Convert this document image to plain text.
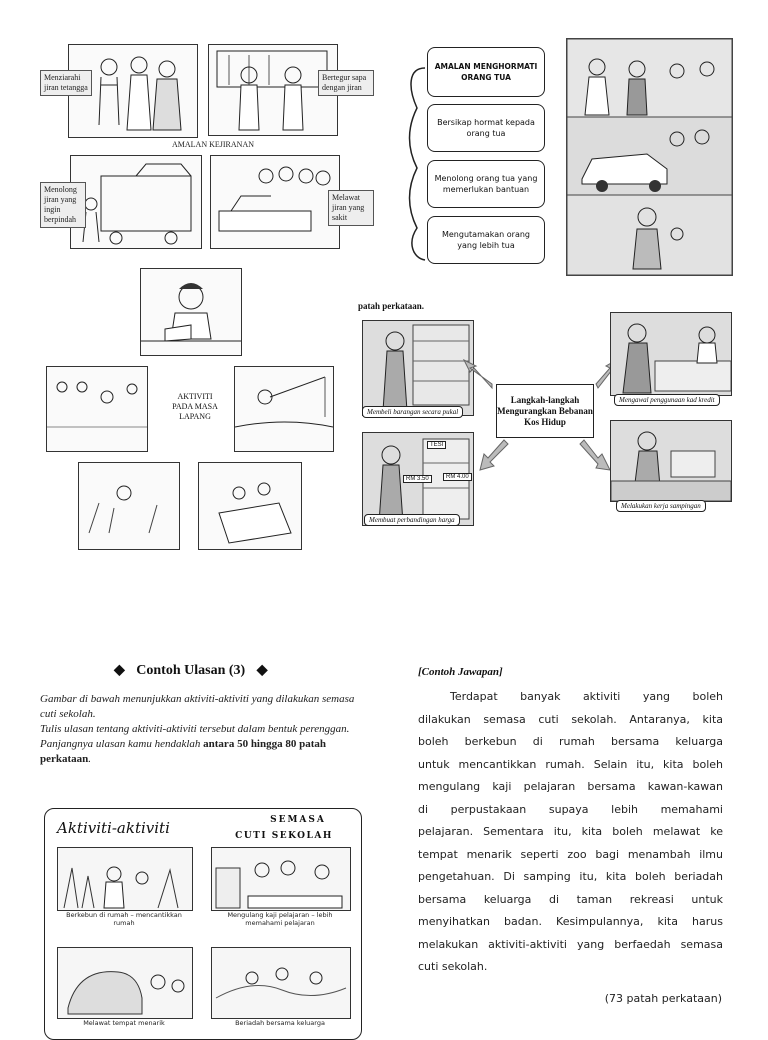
Menziarahi jiran tetangga
Bertegur sapa dengan jiran
AMALAN KEJIRANAN
Menolong jiran yang ingin berpindah
Melawat jiran yang sakit
AMALAN MENGHORMATI ORANG TUA
Bersikap hormat kepada orang tua
Menolong orang tua yang memerlukan bantuan
Mengutamakan orang yang lebih tua
AKTIVITI PADA MASA LAPANG
patah perkataan.
Membeli barangan secara pukal
RM 3.50	RM 4.00
TESI
Membuat perbandingan harga
Langkah-langkah Mengurangkan Bebanan Kos Hidup
Mengawal penggunaan kad kredit
Melakukan kerja sampingan
◆ Contoh Ulasan (3) ◆
Gambar di bawah menunjukkan aktiviti-aktiviti yang dilakukan semasa cuti sekolah.
Tulis ulasan tentang aktiviti-aktiviti tersebut dalam bentuk perenggan.
Panjangnya ulasan kamu hendaklah antara 50 hingga 80 patah perkataan.
Aktiviti-aktiviti	SEMASA
CUTI SEKOLAH
Berkebun di rumah – mencantikkan rumah
Mengulang kaji pelajaran – lebih memahami pelajaran
Melawat tempat menarik	Beriadah bersama keluarga
[Contoh Jawapan]
Terdapat banyak aktiviti yang boleh
dilakukan semasa cuti sekolah. Antaranya, kita
boleh berkebun di rumah bersama keluarga
untuk mencantikkan rumah. Selain itu, kita boleh
mengulang kaji pelajaran bersama kawan-kawan
di perpustakaan supaya lebih memahami
pelajaran. Sementara itu, kita boleh melawat ke
tempat menarik seperti zoo bagi menambah ilmu
pengetahuan. Di samping itu, kita boleh beriadah
bersama keluarga di taman rekreasi untuk
menyihatkan badan. Kesimpulannya, kita harus
melakukan aktiviti-aktiviti yang berfaedah semasa
cuti sekolah.
(73 patah perkataan)
